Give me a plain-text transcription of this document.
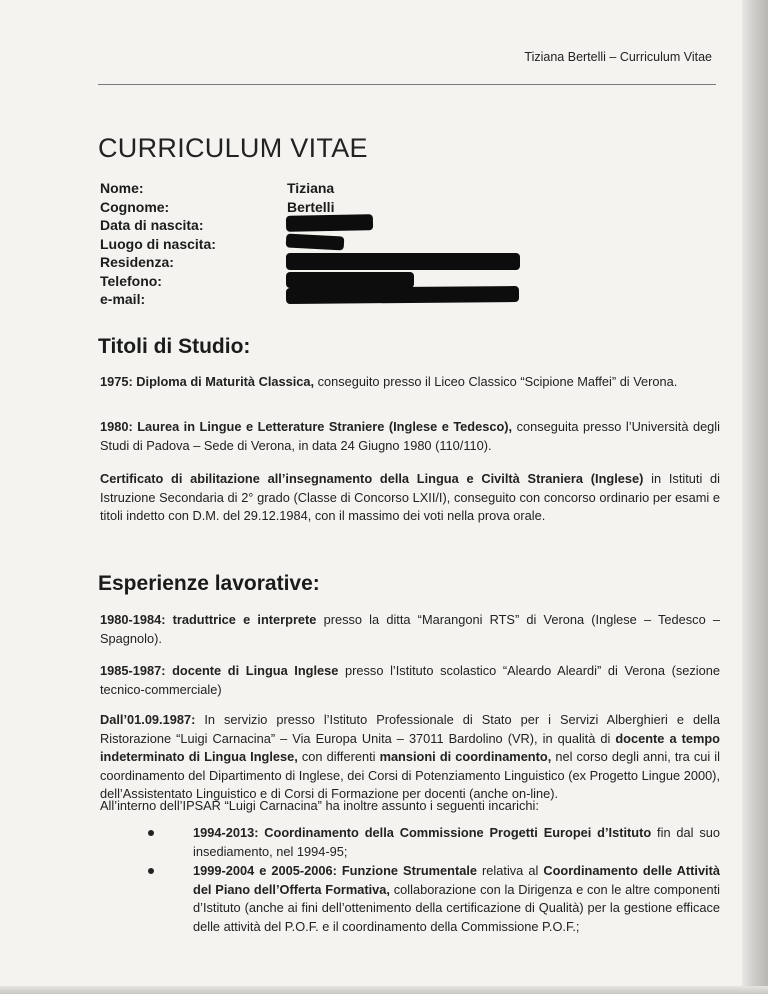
Tiziana Bertelli – Curriculum Vitae
CURRICULUM VITAE
Nome:	Tiziana
Cognome:	Bertelli
Data di nascita:
Luogo di nascita:
Residenza:
Telefono:
e-mail:
Titoli di Studio:
1975: Diploma di Maturità Classica, conseguito presso il Liceo Classico “Scipione Maffei” di Verona.
1980: Laurea in Lingue e Letterature Straniere (Inglese e Tedesco), conseguita presso l’Università degli Studi di Padova – Sede di Verona, in data 24 Giugno 1980 (110/110).
Certificato di abilitazione all’insegnamento della Lingua e Civiltà Straniera (Inglese) in Istituti di Istruzione Secondaria di 2° grado (Classe di Concorso LXII/I), conseguito con concorso ordinario per esami e titoli indetto con D.M. del 29.12.1984, con il massimo dei voti nella prova orale.
Esperienze lavorative:
1980-1984: traduttrice e interprete presso la ditta “Marangoni RTS” di Verona (Inglese – Tedesco – Spagnolo).
1985-1987: docente di Lingua Inglese presso l’Istituto scolastico “Aleardo Aleardi” di Verona (sezione tecnico-commerciale)
Dall’01.09.1987: In servizio presso l’Istituto Professionale di Stato per i Servizi Alberghieri e della Ristorazione “Luigi Carnacina” – Via Europa Unita – 37011 Bardolino (VR), in qualità di docente a tempo indeterminato di Lingua Inglese, con differenti mansioni di coordinamento, nel corso degli anni, tra cui il coordinamento del Dipartimento di Inglese, dei Corsi di Potenziamento Linguistico (ex Progetto Lingue 2000), dell’Assistentato Linguistico e di Corsi di Formazione per docenti (anche on-line).
All’interno dell’IPSAR “Luigi Carnacina” ha inoltre assunto i seguenti incarichi:
1994-2013: Coordinamento della Commissione Progetti Europei d’Istituto fin dal suo insediamento, nel 1994-95;
1999-2004 e 2005-2006: Funzione Strumentale relativa al Coordinamento delle Attività del Piano dell’Offerta Formativa, collaborazione con la Dirigenza e con le altre componenti d’Istituto (anche ai fini dell’ottenimento della certificazione di Qualità) per la gestione efficace delle attività del P.O.F. e il coordinamento della Commissione P.O.F.;
